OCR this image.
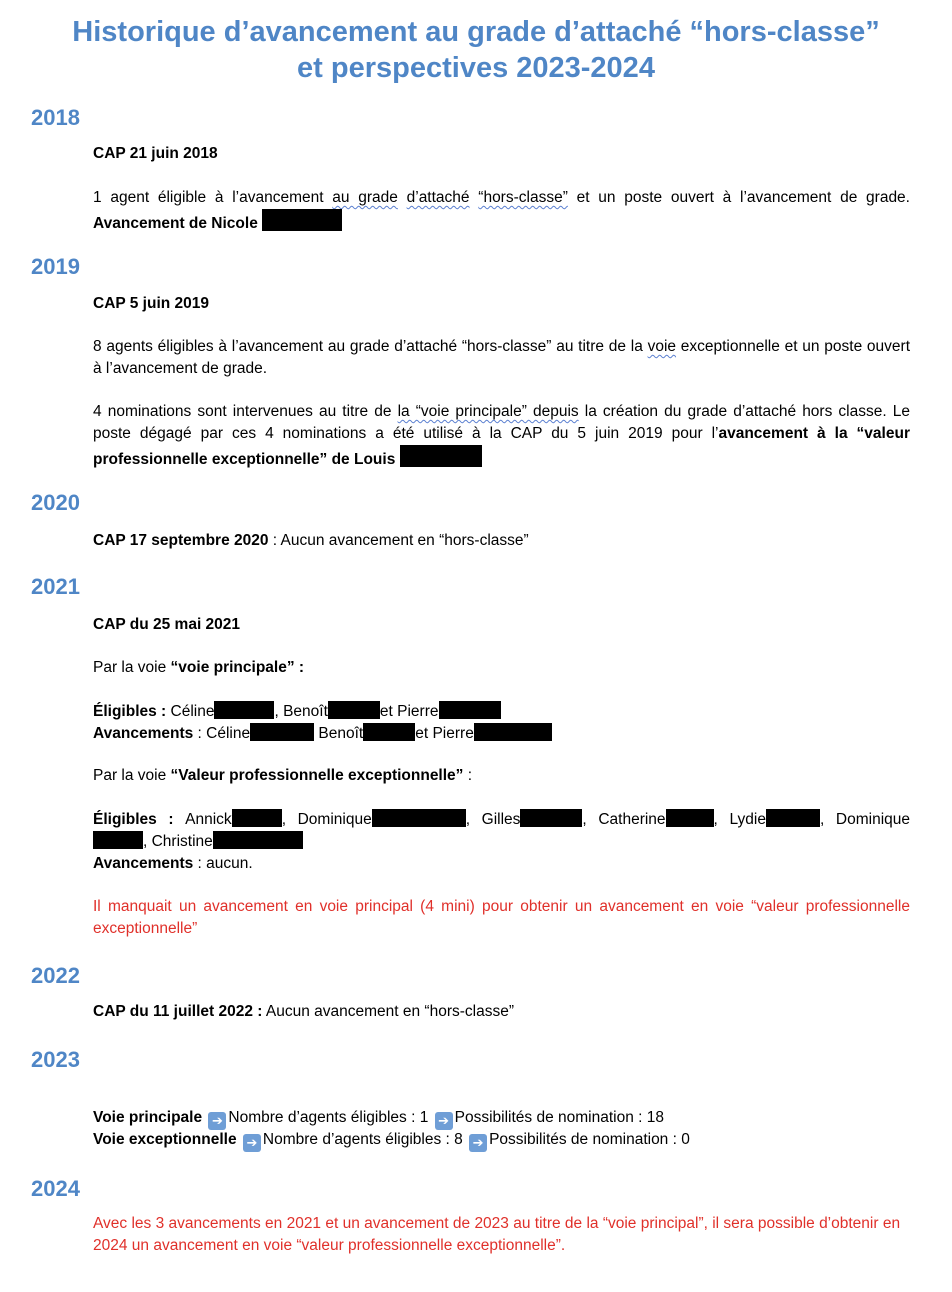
Historique d’avancement au grade d’attaché “hors-classe”
et perspectives 2023-2024
2018

CAP 21 juin 2018

1 agent éligible à l’avancement au grade d’attaché “hors-classe” et un poste ouvert à l’avancement de grade. Avancement de Nicole

2019

CAP 5 juin 2019

8 agents éligibles à l’avancement au grade d’attaché “hors-classe” au titre de la voie exceptionnelle et un poste ouvert à l’avancement de grade.

4 nominations sont intervenues au titre de la “voie principale” depuis la création du grade d’attaché hors classe. Le poste dégagé par ces 4 nominations a été utilisé à la CAP du 5 juin 2019 pour l’avancement à la “valeur professionnelle exceptionnelle” de Louis

2020

CAP 17 septembre 2020 : Aucun avancement en “hors-classe”

2021

CAP du 25 mai 2021

Par la voie “voie principale” :

Éligibles : Céline	, Benoît	et Pierre

Avancements : Céline	Benoît	et Pierre

Par la voie “Valeur professionnelle exceptionnelle” :

Éligibles : Annick	, Dominique	, Gilles	, Catherine	, Lydie	, Dominique , Christine

Avancements : aucun.

Il manquait un avancement en voie principal (4 mini) pour obtenir un avancement en voie “valeur professionnelle exceptionnelle”

2022

CAP du 11 juillet 2022 : Aucun avancement en “hors-classe”

2023

Voie principale ➔ Nombre d’agents éligibles : 1 ➔ Possibilités de nomination : 18

Voie exceptionnelle ➔ Nombre d’agents éligibles : 8 ➔ Possibilités de nomination : 0

2024

Avec les 3 avancements en 2021 et un avancement de 2023 au titre de la “voie principal”, il sera possible d’obtenir en 2024 un avancement en voie “valeur professionnelle exceptionnelle”.
